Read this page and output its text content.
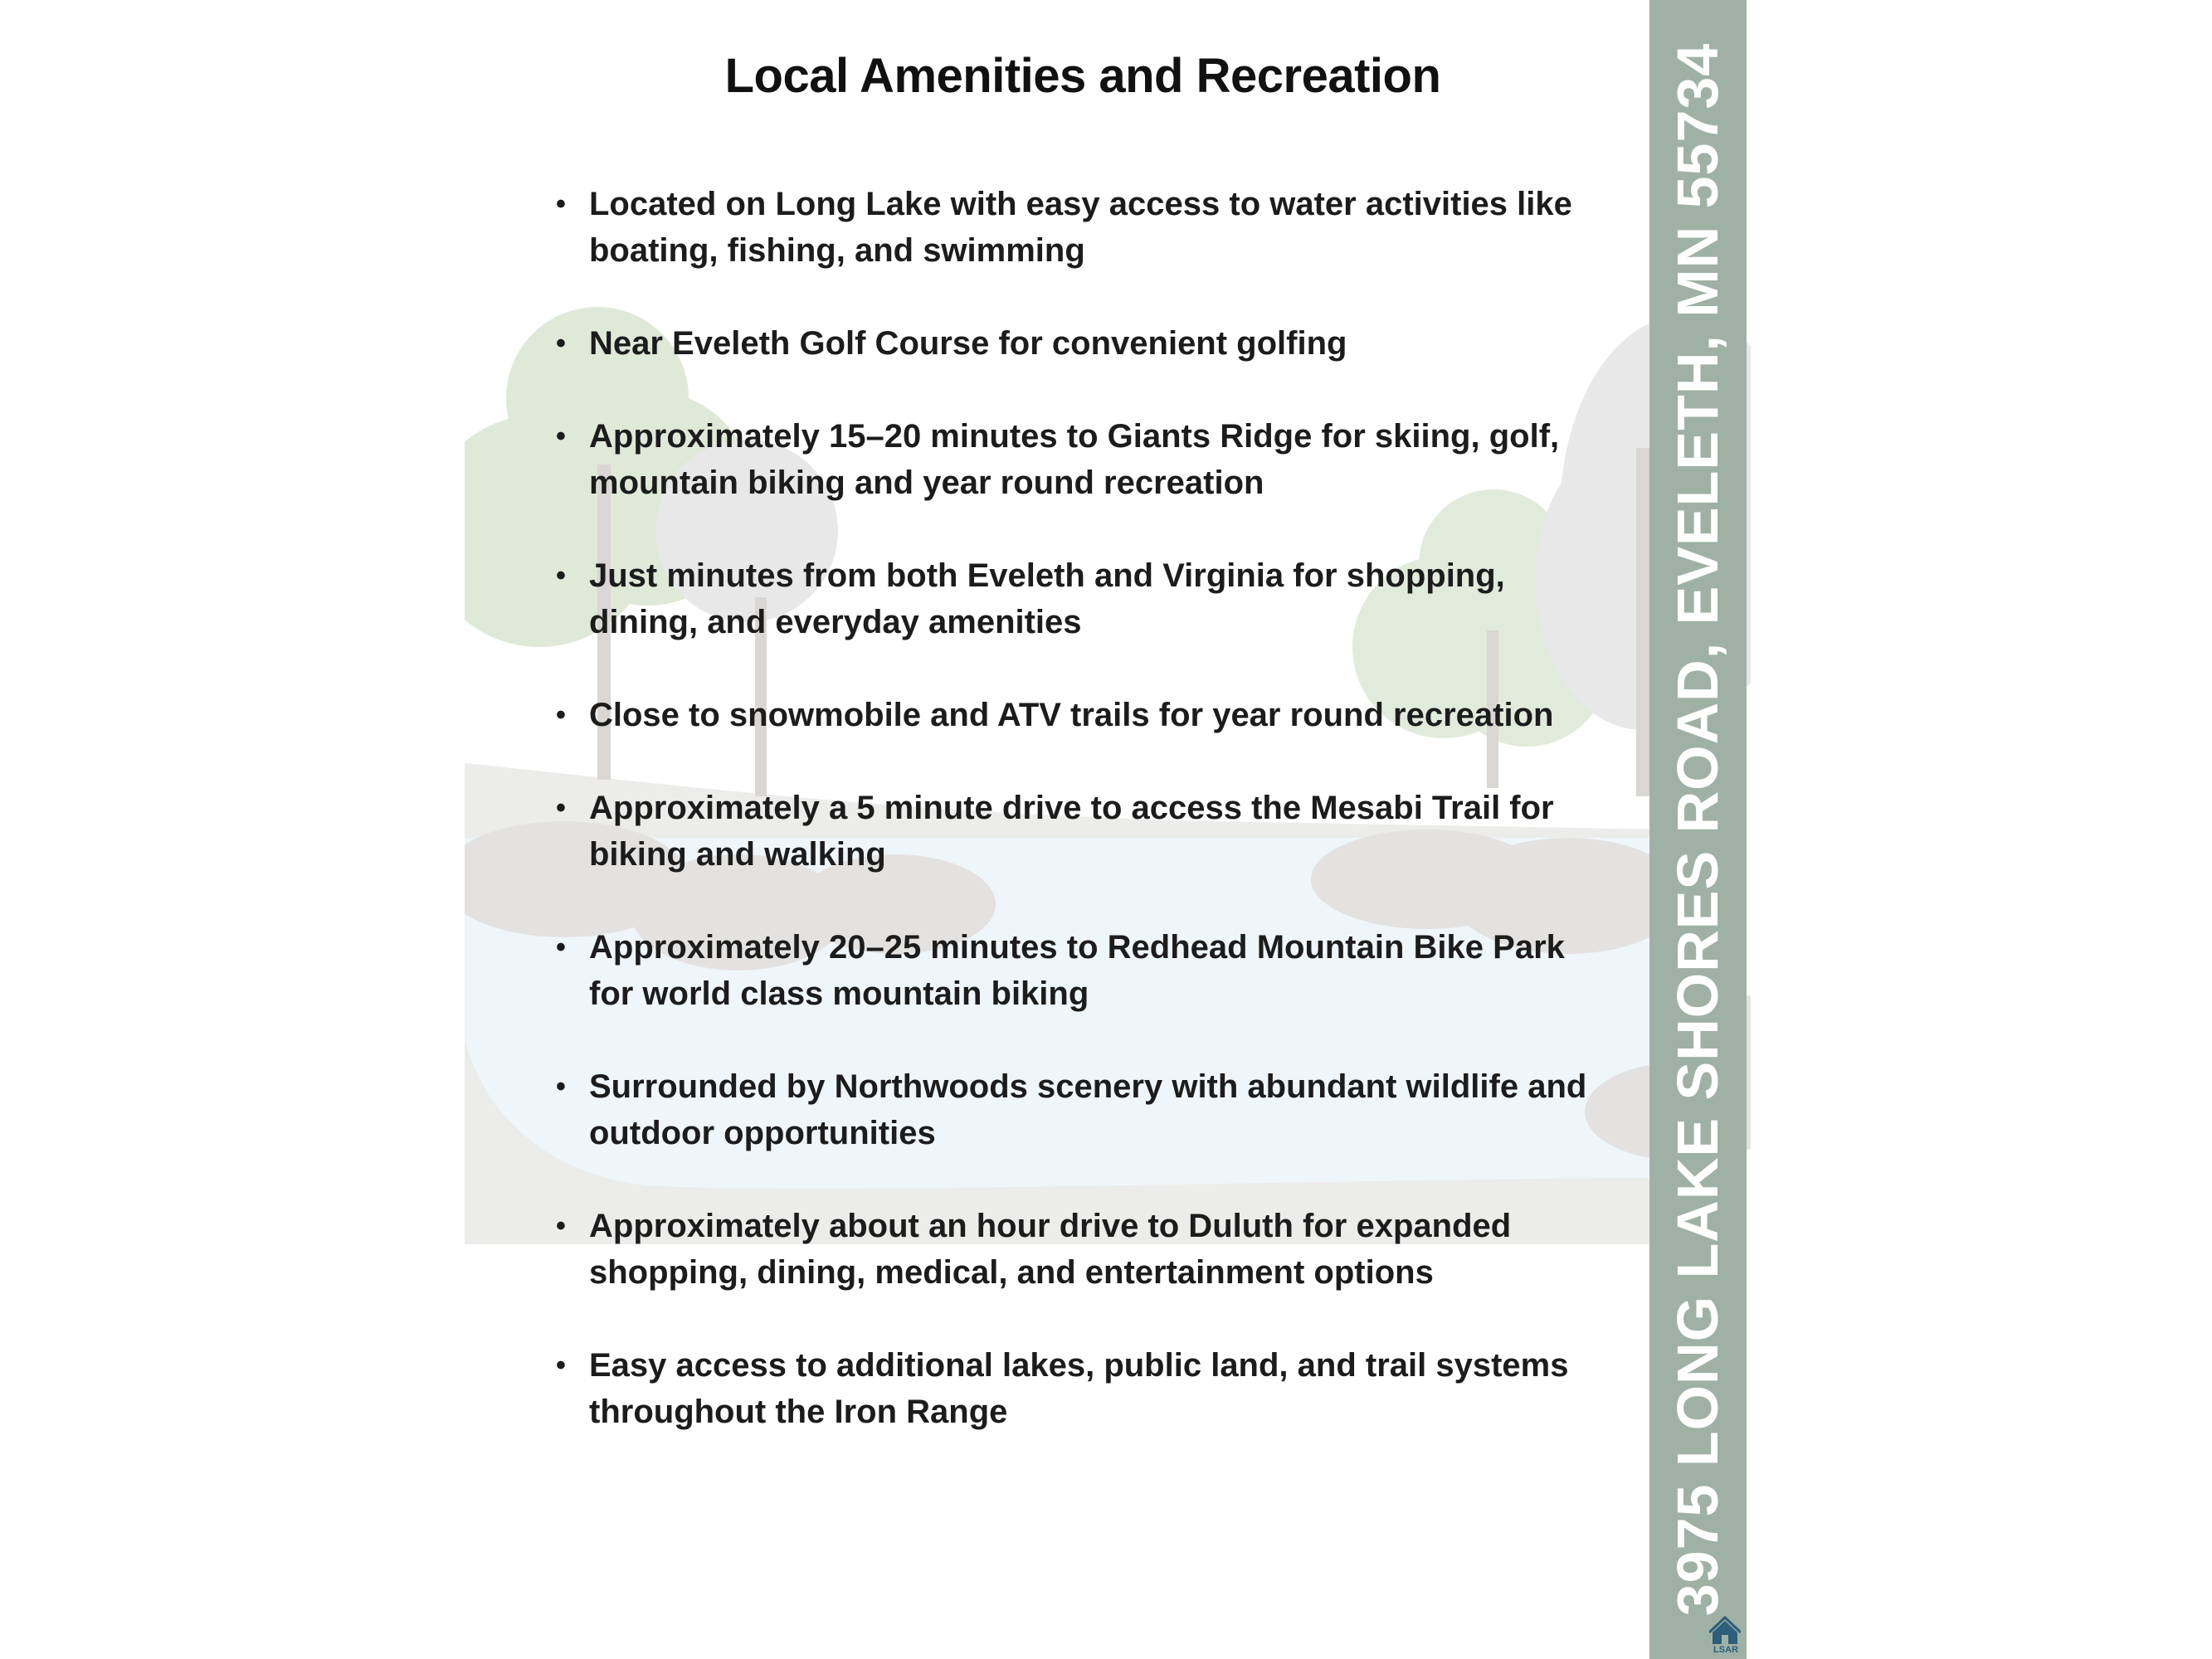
Local Amenities and Recreation
• Located on Long Lake with easy access to water activities like boating, fishing, and swimming
• Near Eveleth Golf Course for convenient golfing
• Approximately 15–20 minutes to Giants Ridge for skiing, golf, mountain biking and year round recreation
• Just minutes from both Eveleth and Virginia for shopping, dining, and everyday amenities
• Close to snowmobile and ATV trails for year round recreation
• Approximately a 5 minute drive to access the Mesabi Trail for biking and walking
• Approximately 20–25 minutes to Redhead Mountain Bike Park for world class mountain biking
• Surrounded by Northwoods scenery with abundant wildlife and outdoor opportunities
• Approximately about an hour drive to Duluth for expanded shopping, dining, medical, and entertainment options
• Easy access to additional lakes, public land, and trail systems throughout the Iron Range	3975 LONG LAKE SHORES ROAD, EVELETH, MN 55734
LSAR
